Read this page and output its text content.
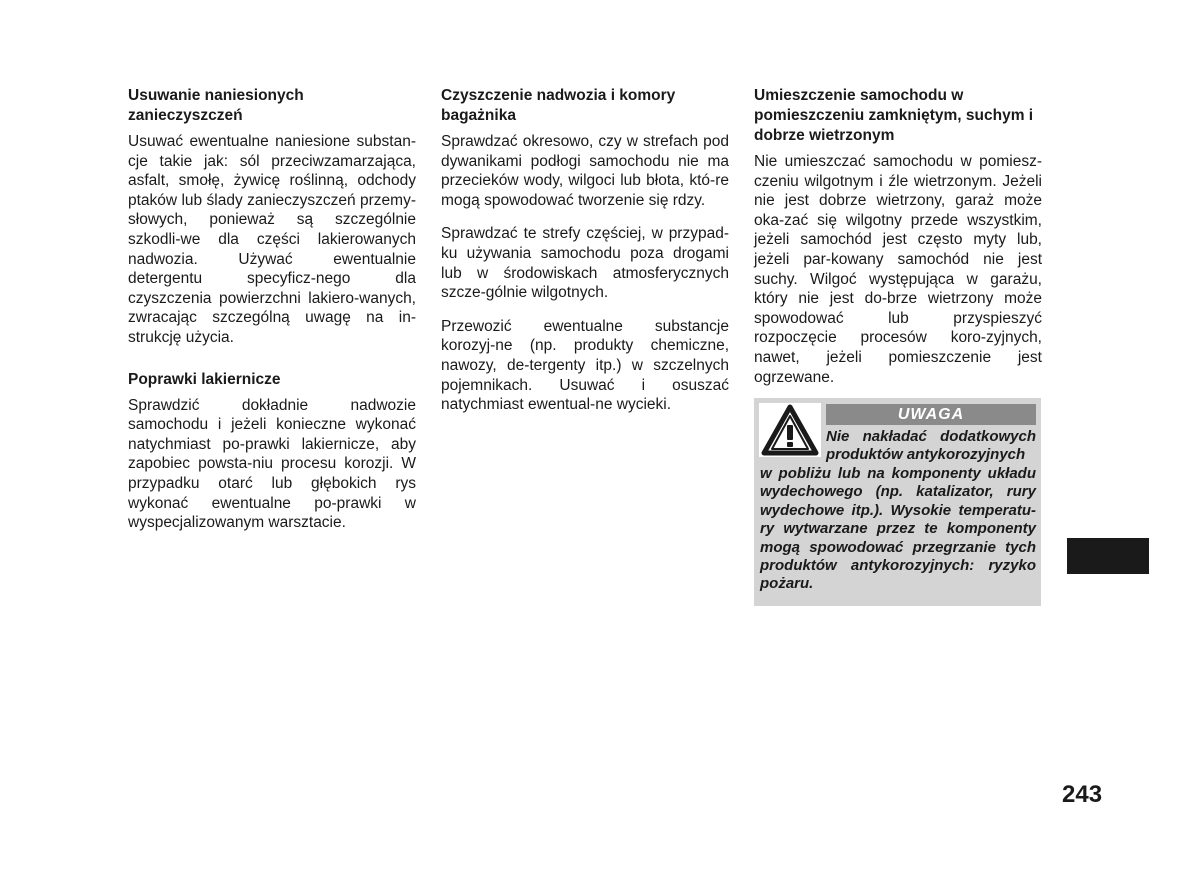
Usuwanie naniesionych zanieczyszczeń
Usuwać ewentualne naniesione substan-cje takie jak: sól przeciwzamarzająca, asfalt, smołę, żywicę roślinną, odchody ptaków lub ślady zanieczyszczeń przemy-słowych, ponieważ są szczególnie szkodli-we dla części lakierowanych nadwozia. Używać ewentualnie detergentu specyficz-nego dla czyszczenia powierzchni lakiero-wanych, zwracając szczególną uwagę na in-strukcję użycia.
Poprawki lakiernicze
Sprawdzić dokładnie nadwozie samochodu i jeżeli konieczne wykonać natychmiast po-prawki lakiernicze, aby zapobiec powsta-niu procesu korozji. W przypadku otarć lub głębokich rys wykonać ewentualne po-prawki w wyspecjalizowanym warsztacie.
Czyszczenie nadwozia i komory bagażnika
Sprawdzać okresowo, czy w strefach pod dywanikami podłogi samochodu nie ma przecieków wody, wilgoci lub błota, któ-re mogą spowodować tworzenie się rdzy.
Sprawdzać te strefy częściej, w przypad-ku używania samochodu poza drogami lub w środowiskach atmosferycznych szcze-gólnie wilgotnych.
Przewozić ewentualne substancje korozyj-ne (np. produkty chemiczne, nawozy, de-tergenty itp.) w szczelnych pojemnikach. Usuwać i osuszać natychmiast ewentual-ne wycieki.
Umieszczenie samochodu w pomieszczeniu zamkniętym, suchym i dobrze wietrzonym
Nie umieszczać samochodu w pomiesz-czeniu wilgotnym i źle wietrzonym. Jeżeli nie jest dobrze wietrzony, garaż może oka-zać się wilgotny przede wszystkim, jeżeli samochód jest często myty lub, jeżeli par-kowany samochód nie jest suchy. Wilgoć występująca w garażu, który nie jest do-brze wietrzony może spowodować lub przyspieszyć rozpoczęcie procesów koro-zyjnych, nawet, jeżeli pomieszczenie jest ogrzewane.
UWAGA
Nie nakładać dodatkowych produktów antykorozyjnych
w pobliżu lub na komponenty układu wydechowego (np. katalizator, rury wydechowe itp.). Wysokie temperatu-ry wytwarzane przez te komponenty mogą spowodować przegrzanie tych produktów antykorozyjnych: ryzyko pożaru.
243
